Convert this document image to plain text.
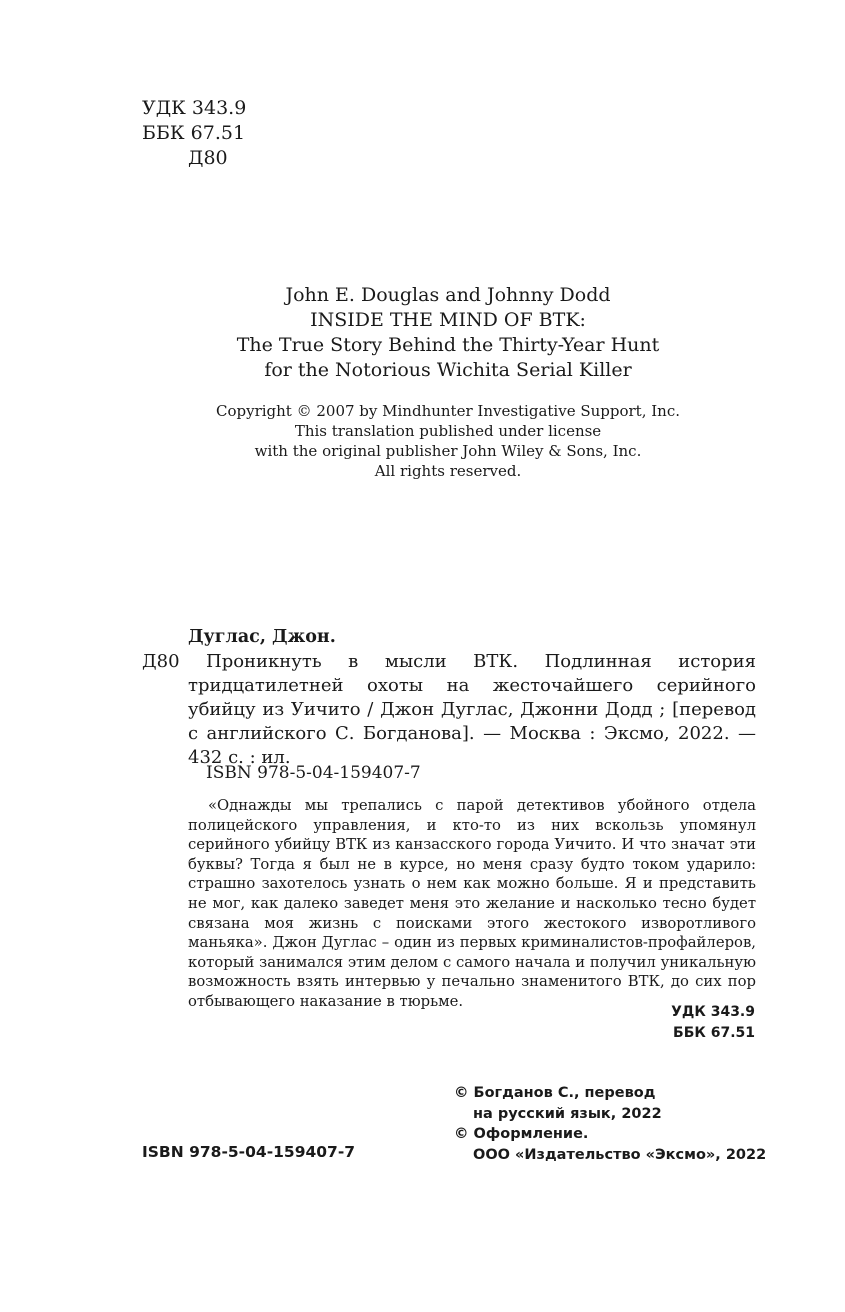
УДК 343.9
ББК 67.51
Д80
John E. Douglas and Johnny Dodd
INSIDE THE MIND OF BTK:
The True Story Behind the Thirty-Year Hunt
for the Notorious Wichita Serial Killer
Copyright © 2007 by Mindhunter Investigative Support, Inc.
This translation published under license
with the original publisher John Wiley & Sons, Inc.
All rights reserved.
Дуглас, Джон.
Д80	Проникнуть в мысли ВТК. Подлинная история тридцатилетней охоты на жесточайшего серийного убийцу из Уичито / Джон Дуглас, Джонни Додд ; [перевод с английского С. Богданова]. — Москва : Эксмо, 2022. — 432 с. : ил.
ISBN 978-5-04-159407-7
«Однажды мы трепались с парой детективов убойного отдела полицейского управления, и кто-то из них вскользь упомянул серийного убийцу ВТК из канзасского города Уичито. И что значат эти буквы? Тогда я был не в курсе, но меня сразу будто током ударило: страшно захотелось узнать о нем как можно больше. Я и представить не мог, как далеко заведет меня это желание и насколько тесно будет связана моя жизнь с поисками этого жестокого изворотливого маньяка». Джон Дуглас – один из первых криминалистов-профайлеров, который занимался этим делом с самого начала и получил уникальную возможность взять интервью у печально знаменитого ВТК, до сих пор отбывающего наказание в тюрьме.
УДК 343.9
ББК 67.51
© Богданов С., перевод
на русский язык, 2022
© Оформление.
ООО «Издательство «Эксмо», 2022
ISBN 978-5-04-159407-7
